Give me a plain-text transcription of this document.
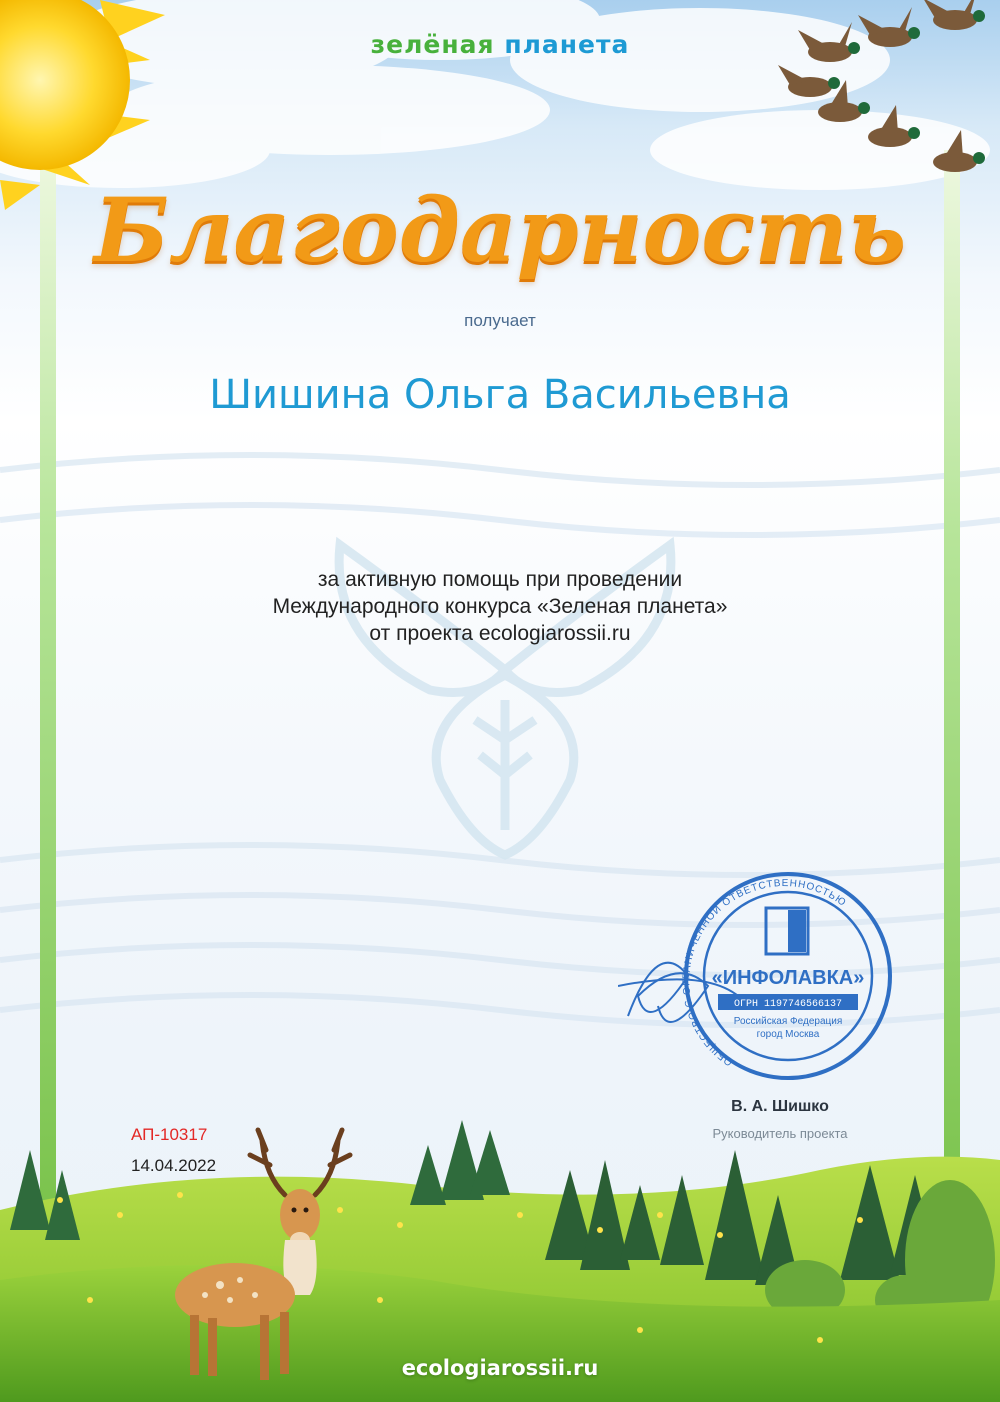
зелёная планета
Благодарность
получает
Шишина Ольга Васильевна
за активную помощь при проведении
Международного конкурса «Зеленая планета»
от проекта ecologiarossii.ru
ОБЩЕСТВО С ОГРАНИЧЕННОЙ ОТВЕТСТВЕННОСТЬЮ
«ИНФОЛАВКА»
ОГРН 1197746566137
Российская Федерация
город Москва
В. А. Шишко
Руководитель проекта
АП-10317
14.04.2022
ecologiarossii.ru
